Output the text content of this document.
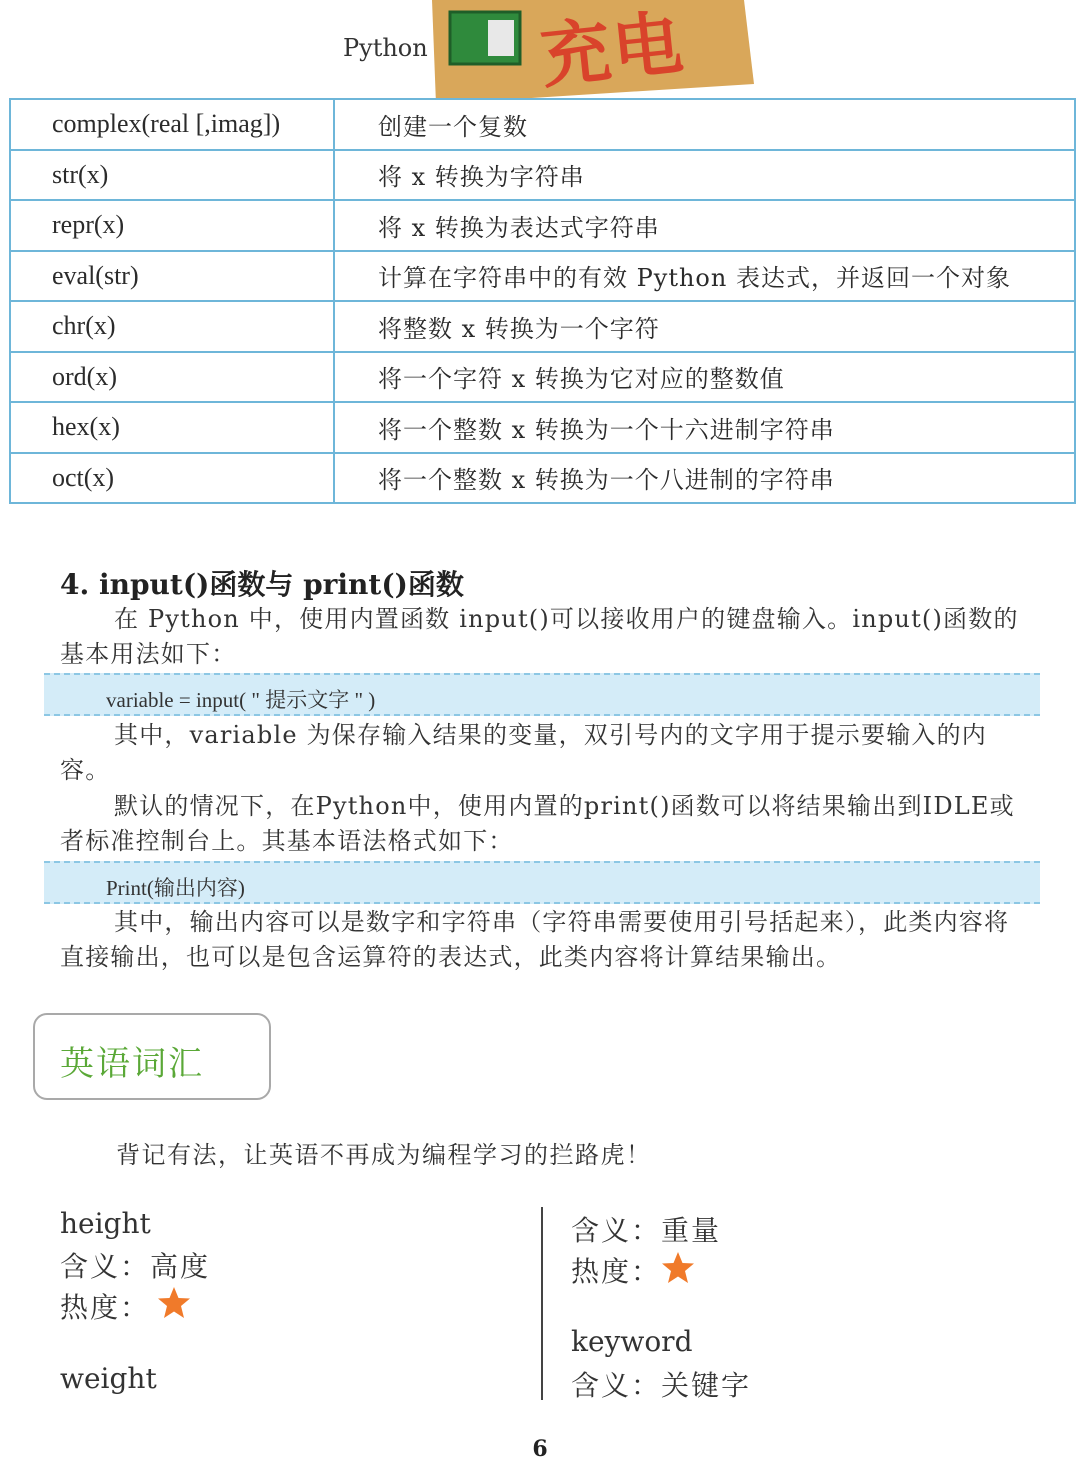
Python 充电
complex(real [,imag])	创建一个复数
str(x)	将 x 转换为字符串
repr(x)	将 x 转换为表达式字符串
eval(str)	计算在字符串中的有效 Python 表达式，并返回一个对象
chr(x)	将整数 x 转换为一个字符
ord(x)	将一个字符 x 转换为它对应的整数值
hex(x)	将一个整数 x 转换为一个十六进制字符串
oct(x)	将一个整数 x 转换为一个八进制的字符串
4. input()函数与 print()函数
在 Python 中，使用内置函数 input()可以接收用户的键盘输入。input()函数的基本用法如下：
variable = input( " 提示文字 " )
其中，variable 为保存输入结果的变量，双引号内的文字用于提示要输入的内容。
默认的情况下，在Python中，使用内置的print()函数可以将结果输出到IDLE或者标准控制台上。其基本语法格式如下：
Print(输出内容)
其中，输出内容可以是数字和字符串（字符串需要使用引号括起来），此类内容将直接输出，也可以是包含运算符的表达式，此类内容将计算结果输出。
英语词汇
背记有法，让英语不再成为编程学习的拦路虎！
height
含义：高度
热度：
weight
含义：重量
热度：
keyword
含义：关键字
6
